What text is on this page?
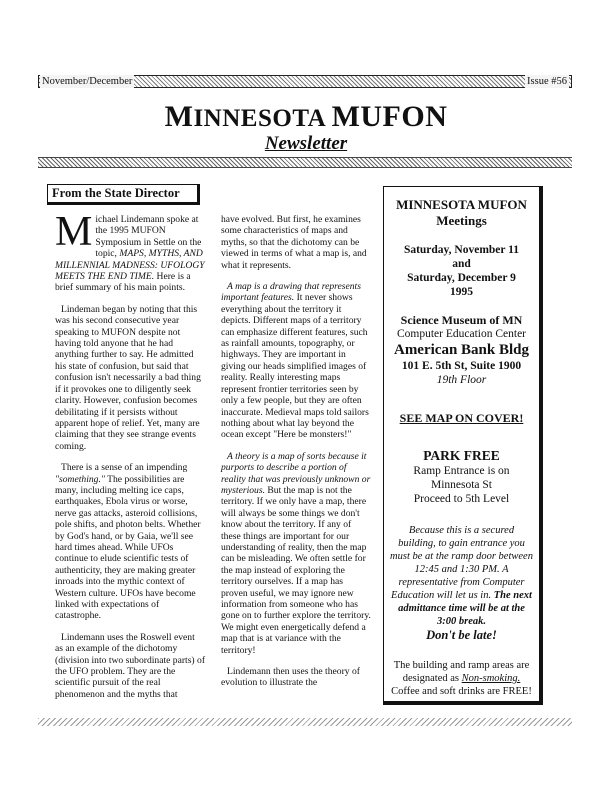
November/December	Issue #56
MINNESOTA MUFON
Newsletter
From the State Director

Michael Lindemann spoke at the 1995 MUFON Symposium in Settle on the topic, MAPS, MYTHS, AND MILLENNIAL MADNESS: UFOLOGY MEETS THE END TIME. Here is a brief summary of his main points.

Lindeman began by noting that this was his second consecutive year speaking to MUFON despite not having told anyone that he had anything further to say. He admitted his state of confusion, but said that confusion isn't necessarily a bad thing if it provokes one to diligently seek clarity. However, confusion becomes debilitating if it persists without apparent hope of relief. Yet, many are claiming that they see strange events coming.

There is a sense of an impending "something." The possibilities are many, including melting ice caps, earthquakes, Ebola virus or worse, nerve gas attacks, asteroid collisions, pole shifts, and photon belts. Whether by God's hand, or by Gaia, we'll see hard times ahead. While UFOs continue to elude scientific tests of authenticity, they are making greater inroads into the mythic context of Western culture. UFOs have become linked with expectations of catastrophe.

Lindemann uses the Roswell event as an example of the dichotomy (division into two subordinate parts) of the UFO problem. They are the scientific pursuit of the real phenomenon and the myths that

have evolved. But first, he examines some characteristics of maps and myths, so that the dichotomy can be viewed in terms of what a map is, and what it represents.

A map is a drawing that represents important features. It never shows everything about the territory it depicts. Different maps of a territory can emphasize different features, such as rainfall amounts, topography, or highways. They are important in giving our heads simplified images of reality. Really interesting maps represent frontier territories seen by only a few people, but they are often inaccurate. Medieval maps told sailors nothing about what lay beyond the ocean except "Here be monsters!"

A theory is a map of sorts because it purports to describe a portion of reality that was previously unknown or mysterious. But the map is not the territory. If we only have a map, there will always be some things we don't know about the territory. If any of these things are important for our understanding of reality, then the map can be misleading. We often settle for the map instead of exploring the territory ourselves. If a map has proven useful, we may ignore new information from someone who has gone on to further explore the territory. We might even energetically defend a map that is at variance with the territory!

Lindemann then uses the theory of evolution to illustrate the

MINNESOTA MUFON
Meetings
Saturday, November 11
and
Saturday, December 9
1995
Science Museum of MN
Computer Education Center
American Bank Bldg
101 E. 5th St, Suite 1900
19th Floor
SEE MAP ON COVER!
PARK FREE
Ramp Entrance is on
Minnesota St
Proceed to 5th Level
Because this is a secured building, to gain entrance you must be at the ramp door between 12:45 and 1:30 PM. A representative from Computer Education will let us in. The next admittance time will be at the 3:00 break.
Don't be late!
The building and ramp areas are designated as Non-smoking. Coffee and soft drinks are FREE!
